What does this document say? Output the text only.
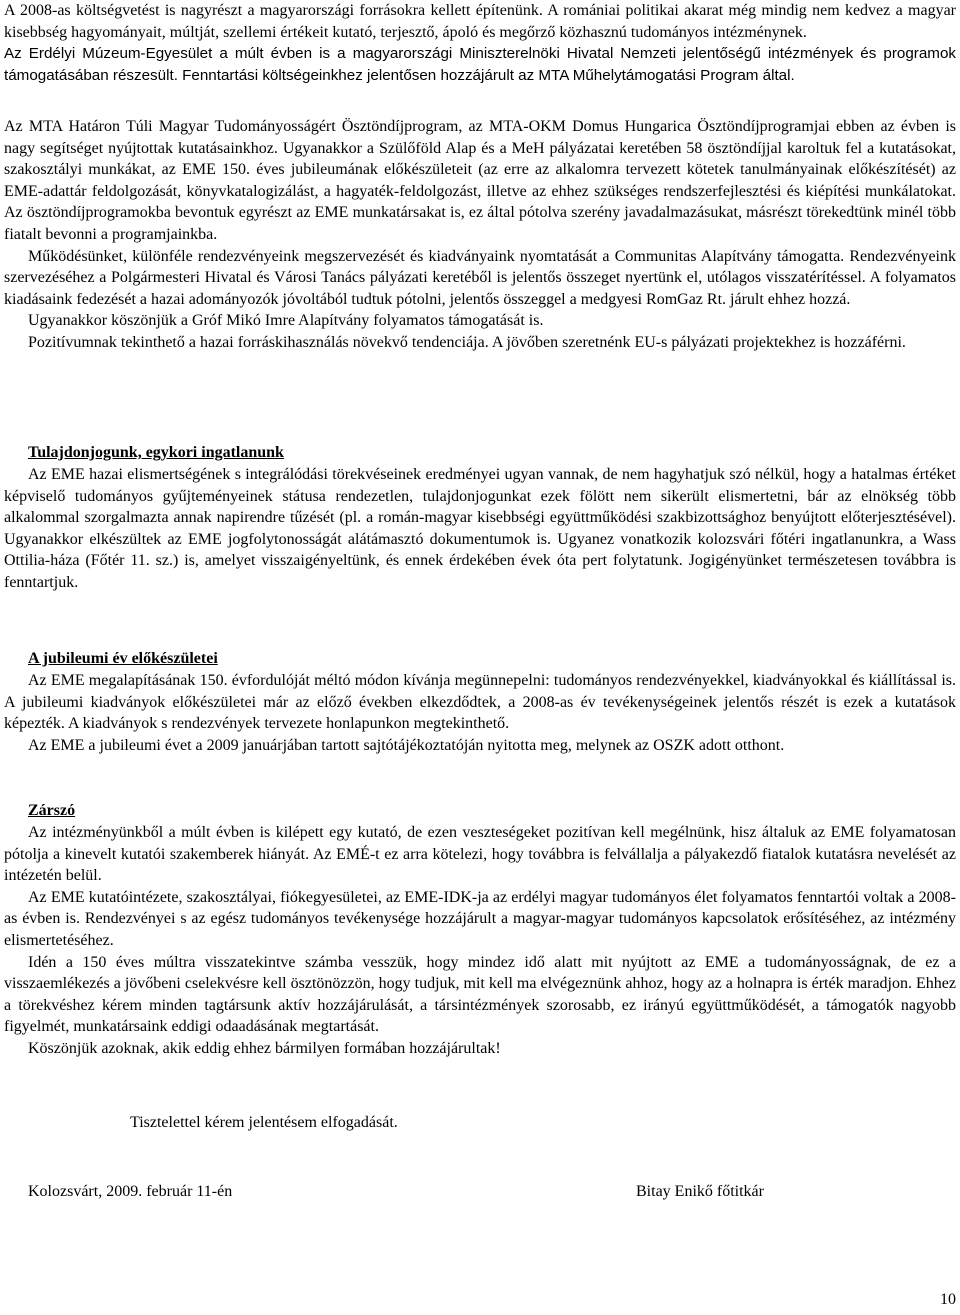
A 2008-as költségvetést is nagyrészt a magyarországi forrásokra kellett építenünk. A romániai politikai akarat még mindig nem kedvez a magyar kisebbség hagyományait, múltját, szellemi értékeit kutató, terjesztő, ápoló és megőrző közhasznú tudományos intézménynek.

Az Erdélyi Múzeum-Egyesület a múlt évben is a magyarországi Miniszterelnöki Hivatal Nemzeti jelentőségű intézmények és programok támogatásában részesült. Fenntartási költségeinkhez jelentősen hozzájárult az MTA Műhelytámogatási Program által.

Az MTA Határon Túli Magyar Tudományosságért Ösztöndíjprogram, az MTA-OKM Domus Hungarica Ösztöndíjprogramjai ebben az évben is nagy segítséget nyújtottak kutatásainkhoz. Ugyanakkor a Szülőföld Alap és a MeH pályázatai keretében 58 ösztöndíjjal karoltuk fel a kutatásokat, szakosztályi munkákat, az EME 150. éves jubileumának előkészületeit (az erre az alkalomra tervezett kötetek tanulmányainak előkészítését) az EME-adattár feldolgozását, könyvkatalogizálást, a hagyaték-feldolgozást, illetve az ehhez szükséges rendszerfejlesztési és kiépítési munkálatokat. Az ösztöndíjprogramokba bevontuk egyrészt az EME munkatársakat is, ez által pótolva szerény javadalmazásukat, másrészt törekedtünk minél több fiatalt bevonni a programjainkba.

Működésünket, különféle rendezvényeink megszervezését és kiadványaink nyomtatását a Communitas Alapítvány támogatta. Rendezvényeink szervezéséhez a Polgármesteri Hivatal és Városi Tanács pályázati keretéből is jelentős összeget nyertünk el, utólagos visszatérítéssel. A folyamatos kiadásaink fedezését a hazai adományozók jóvoltából tudtuk pótolni, jelentős összeggel a medgyesi RomGaz Rt. járult ehhez hozzá.

Ugyanakkor köszönjük a Gróf Mikó Imre Alapítvány folyamatos támogatását is.

Pozitívumnak tekinthető a hazai forráskihasználás növekvő tendenciája. A jövőben szeretnénk EU-s pályázati projektekhez is hozzáférni.

Tulajdonjogunk, egykori ingatlanunk

Az EME hazai elismertségének s integrálódási törekvéseinek eredményei ugyan vannak, de nem hagyhatjuk szó nélkül, hogy a hatalmas értéket képviselő tudományos gyűjteményeinek státusa rendezetlen, tulajdonjogunkat ezek fölött nem sikerült elismertetni, bár az elnökség több alkalommal szorgalmazta annak napirendre tűzését (pl. a román-magyar kisebbségi együttműködési szakbizottsághoz benyújtott előterjesztésével). Ugyanakkor elkészültek az EME jogfolytonosságát alátámasztó dokumentumok is. Ugyanez vonatkozik kolozsvári főtéri ingatlanunkra, a Wass Ottilia-háza (Főtér 11. sz.) is, amelyet visszaigényeltünk, és ennek érdekében évek óta pert folytatunk. Jogigényünket természetesen továbbra is fenntartjuk.

A jubileumi év előkészületei

Az EME megalapításának 150. évfordulóját méltó módon kívánja megünnepelni: tudományos rendezvényekkel, kiadványokkal és kiállítással is. A jubileumi kiadványok előkészületei már az előző években elkezdődtek, a 2008-as év tevékenységeinek jelentős részét is ezek a kutatások képezték. A kiadványok s rendezvények tervezete honlapunkon megtekinthető.

Az EME a jubileumi évet a 2009 januárjában tartott sajtótájékoztatóján nyitotta meg, melynek az OSZK adott otthont.

Zárszó

Az intézményünkből a múlt évben is kilépett egy kutató, de ezen veszteségeket pozitívan kell megélnünk, hisz általuk az EME folyamatosan pótolja a kinevelt kutatói szakemberek hiányát. Az EMÉ-t ez arra kötelezi, hogy továbbra is felvállalja a pályakezdő fiatalok kutatásra nevelését az intézetén belül.

Az EME kutatóintézete, szakosztályai, fiókegyesületei, az EME-IDK-ja az erdélyi magyar tudományos élet folyamatos fenntartói voltak a 2008-as évben is. Rendezvényei s az egész tudományos tevékenysége hozzájárult a magyar-magyar tudományos kapcsolatok erősítéséhez, az intézmény elismertetéséhez.

Idén a 150 éves múltra visszatekintve számba vesszük, hogy mindez idő alatt mit nyújtott az EME a tudományosságnak, de ez a visszaemlékezés a jövőbeni cselekvésre kell ösztönözzön, hogy tudjuk, mit kell ma elvégeznünk ahhoz, hogy az a holnapra is érték maradjon. Ehhez a törekvéshez kérem minden tagtársunk aktív hozzájárulását, a társintézmények szorosabb, ez irányú együttműködését, a támogatók nagyobb figyelmét, munkatársaink eddigi odaadásának megtartását.

Köszönjük azoknak, akik eddig ehhez bármilyen formában hozzájárultak!

Tisztelettel kérem jelentésem elfogadását.

Kolozsvárt, 2009. február 11-én	Bitay Enikő főtitkár

10
